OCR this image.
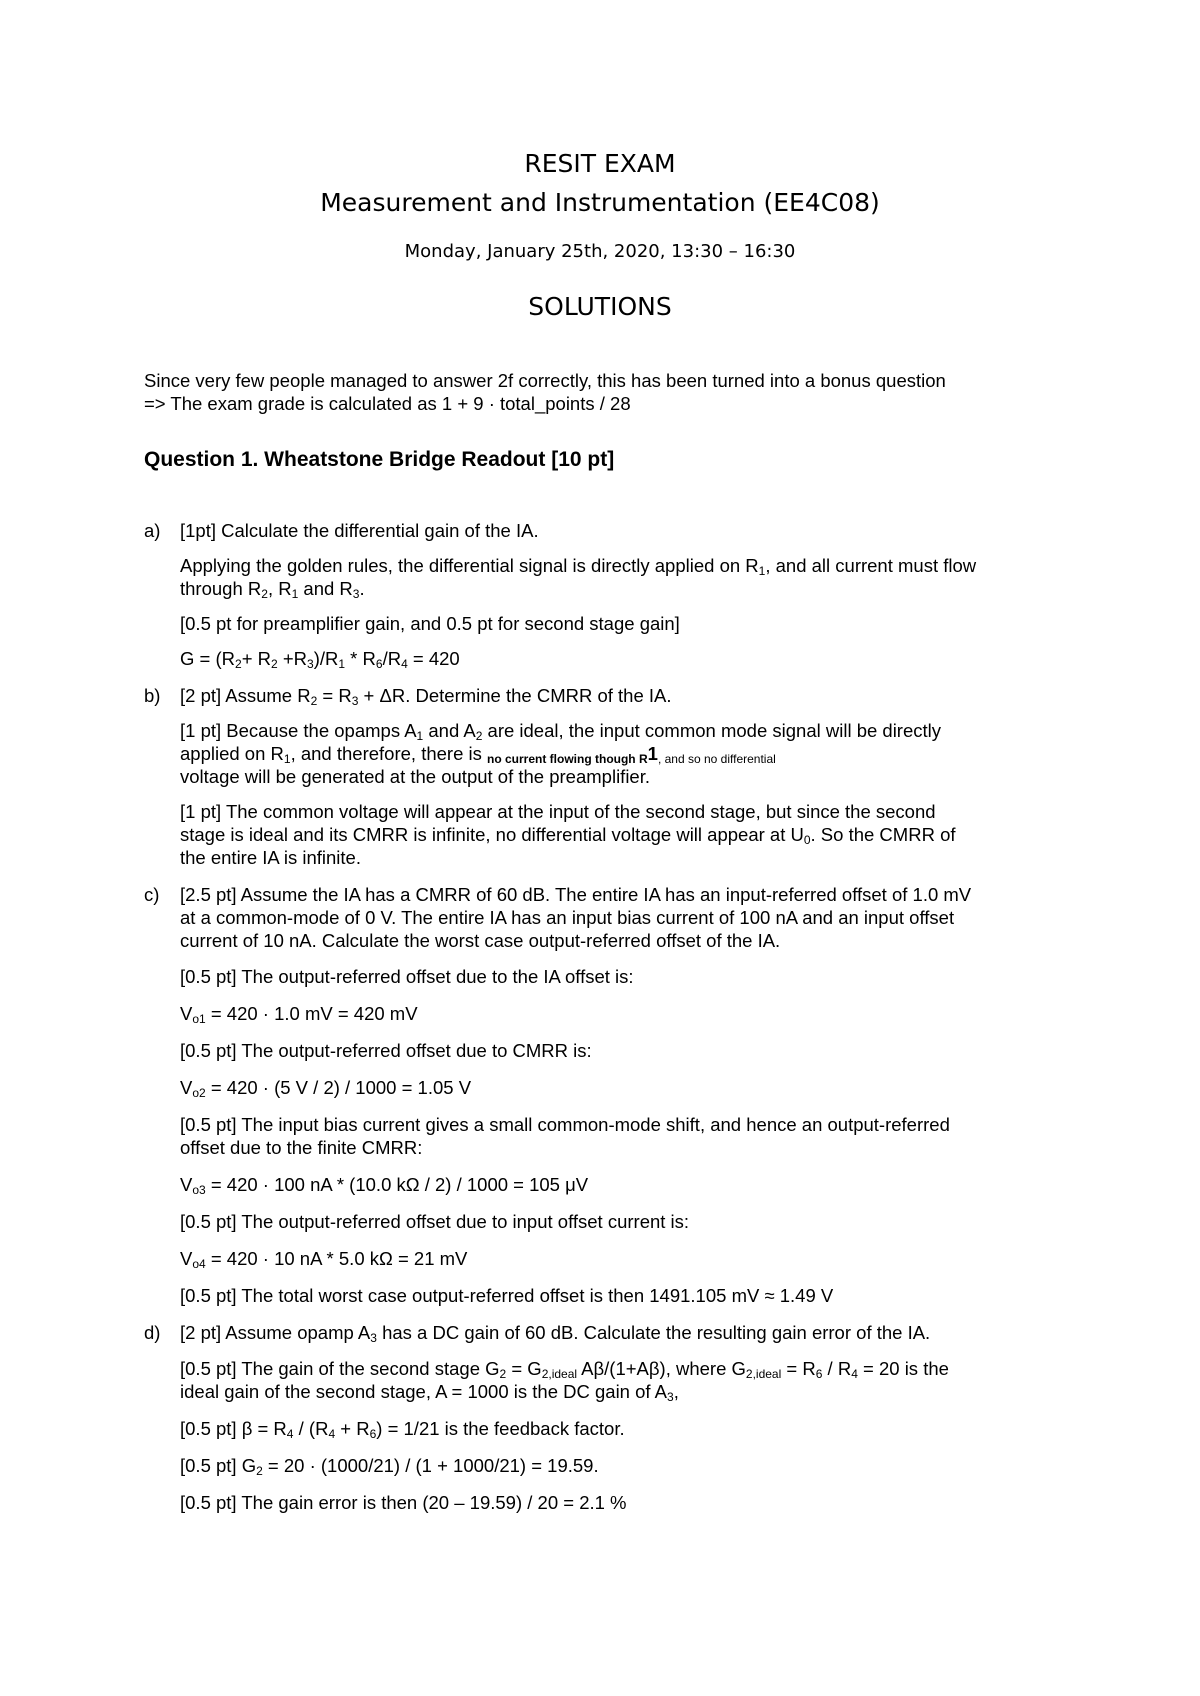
RESIT EXAM
Measurement and Instrumentation (EE4C08)
Monday, January 25th, 2020, 13:30 – 16:30
SOLUTIONS
Since very few people managed to answer 2f correctly, this has been turned into a bonus question
=> The exam grade is calculated as 1 + 9 · total_points / 28
Question 1. Wheatstone Bridge Readout [10 pt]
a) [1pt] Calculate the differential gain of the IA.
Applying the golden rules, the differential signal is directly applied on $R_1$, and all current must flow
through $R_2$, $R_1$ and $R_3$.
[0.5 pt for preamplifier gain, and 0.5 pt for second stage gain]
$G = (R_2+ R_2 +R_3)/R_1 * R_6/R_4 = 420$
b) [2 pt] Assume $R_2 = R_3 + \Delta R$. Determine the CMRR of the IA.
[1 pt] Because the opamps $A_1$ and $A_2$ are ideal, the input common mode signal will be directly
applied on $R_1$, and therefore, there is $_{no current flowing though R}1_{, and so no differential}$
voltage will be generated at the output of the preamplifier.
[1 pt] The common voltage will appear at the input of the second stage, but since the second
stage is ideal and its CMRR is infinite, no differential voltage will appear at $U_0$. So the CMRR of
the entire IA is infinite.
c) [2.5 pt] Assume the IA has a CMRR of 60 dB. The entire IA has an input-referred offset of 1.0 mV
at a common-mode of 0 V. The entire IA has an input bias current of 100 nA and an input offset
current of 10 nA. Calculate the worst case output-referred offset of the IA.
[0.5 pt] The output-referred offset due to the IA offset is:
$V_{o1} = 420 \cdot 1.0$ mV = 420 mV
[0.5 pt] The output-referred offset due to CMRR is:
$V_{o2} = 420 \cdot (5$ V / 2) / 1000 = 1.05 V
[0.5 pt] The input bias current gives a small common-mode shift, and hence an output-referred
offset due to the finite CMRR:
$V_{o3} = 420 \cdot 100$ nA * (10.0 kΩ / 2) / 1000 = 105 μV
[0.5 pt] The output-referred offset due to input offset current is:
$V_{o4} = 420 \cdot 10$ nA * 5.0 kΩ = 21 mV
[0.5 pt] The total worst case output-referred offset is then 1491.105 mV ≈ 1.49 V
d) [2 pt] Assume opamp $A_3$ has a DC gain of 60 dB. Calculate the resulting gain error of the IA.
[0.5 pt] The gain of the second stage $G_2 = G_{2,ideal}$ Aβ/(1+Aβ), where $G_{2,ideal} = R_6 / R_4 = 20$ is the
ideal gain of the second stage, A = 1000 is the DC gain of $A_3$,
[0.5 pt] $\beta = R_4 / (R_4 + R_6) = 1/21$ is the feedback factor.
[0.5 pt] $G_2 = 20 \cdot (1000/21) / (1 + 1000/21) = 19.59$.
[0.5 pt] The gain error is then (20 – 19.59) / 20 = 2.1 %
